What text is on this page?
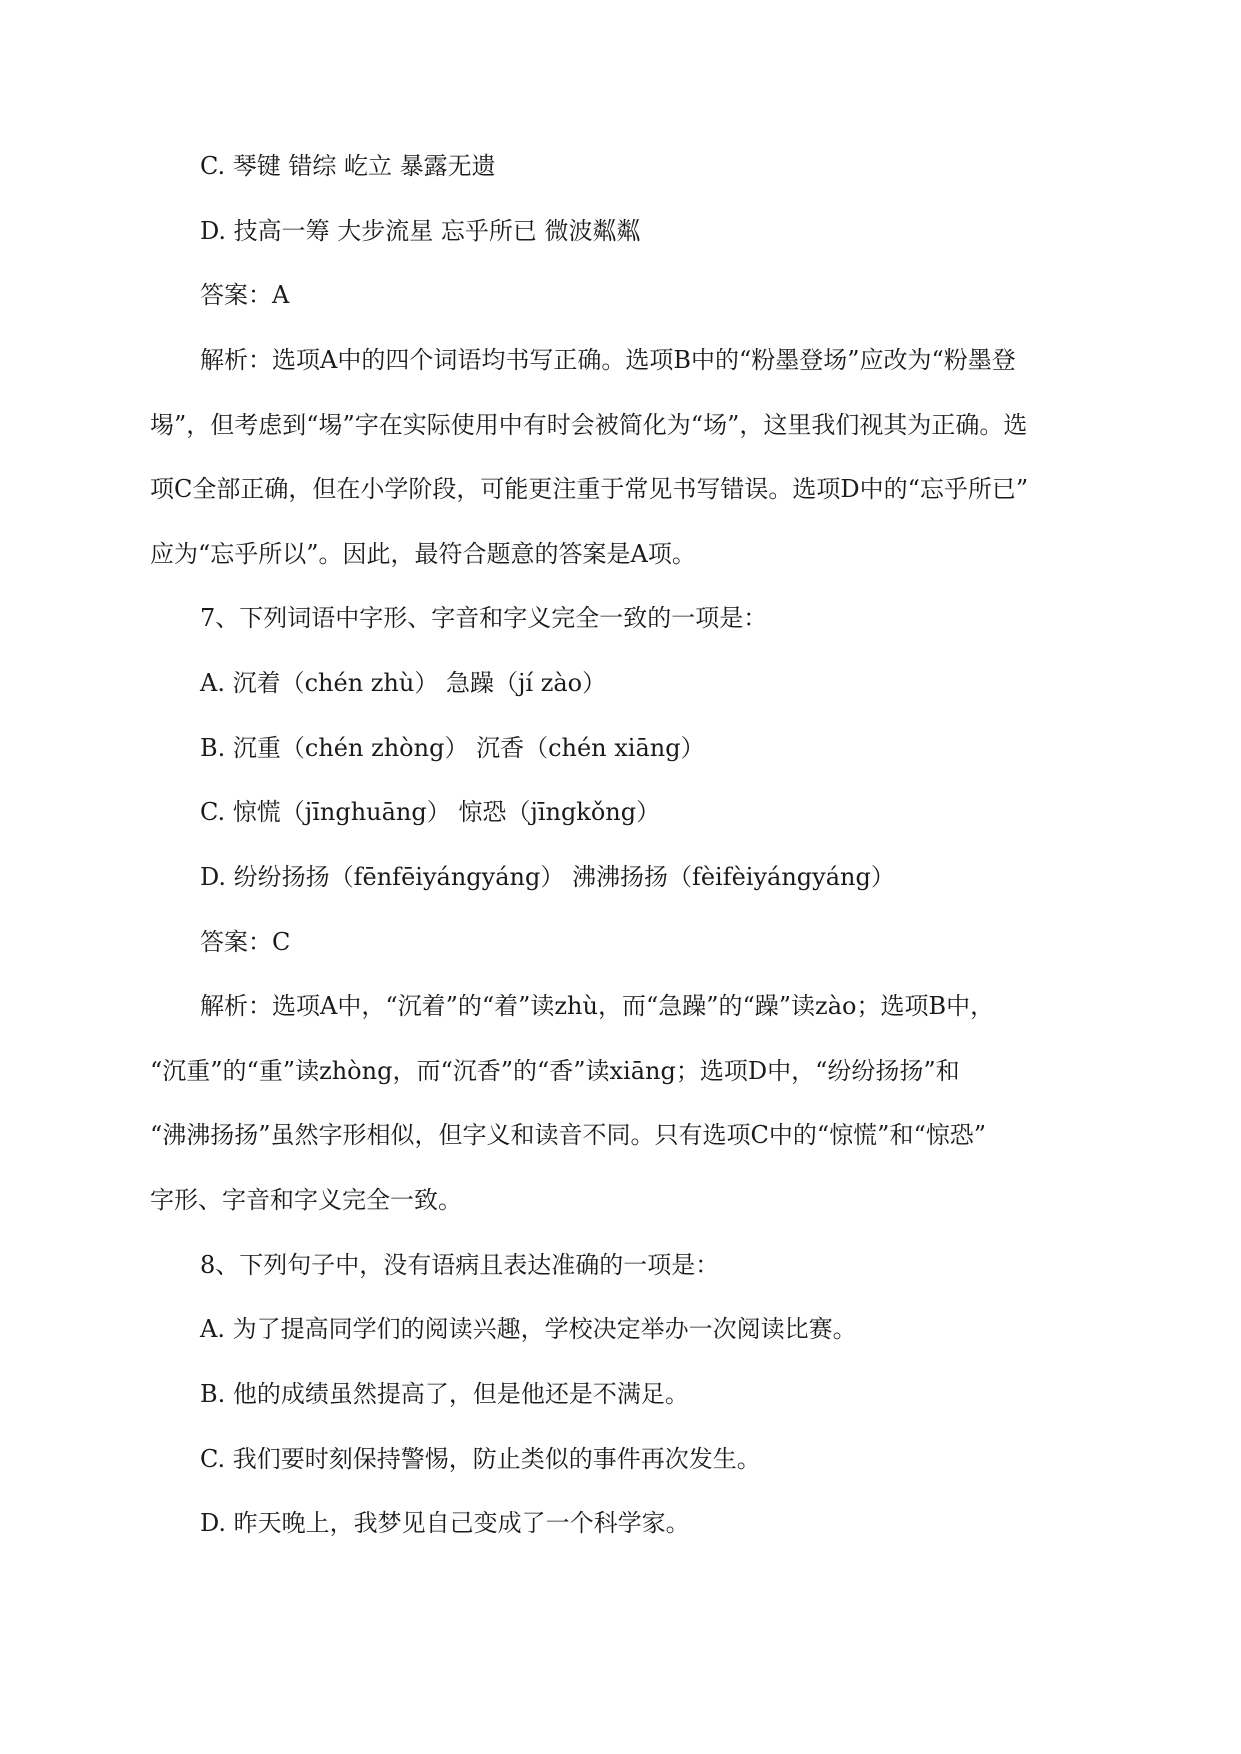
C. 琴键 错综 屹立 暴露无遗
D. 技高一筹 大步流星 忘乎所已 微波粼粼
答案：A
解析：选项A中的四个词语均书写正确。选项B中的“粉墨登场”应改为“粉墨登
埸”，但考虑到“埸”字在实际使用中有时会被简化为“场”，这里我们视其为正确。选
项C全部正确，但在小学阶段，可能更注重于常见书写错误。选项D中的“忘乎所已”
应为“忘乎所以”。因此，最符合题意的答案是A项。
7、下列词语中字形、字音和字义完全一致的一项是：
A. 沉着（chén zhù） 急躁（jí zào）
B. 沉重（chén zhòng） 沉香（chén xiāng）
C. 惊慌（jīnghuāng） 惊恐（jīngkǒng）
D. 纷纷扬扬（fēnfēiyángyáng） 沸沸扬扬（fèifèiyángyáng）
答案：C
解析：选项A中，“沉着”的“着”读zhù，而“急躁”的“躁”读zào；选项B中，
“沉重”的“重”读zhòng，而“沉香”的“香”读xiāng；选项D中，“纷纷扬扬”和
“沸沸扬扬”虽然字形相似，但字义和读音不同。只有选项C中的“惊慌”和“惊恐”
字形、字音和字义完全一致。
8、下列句子中，没有语病且表达准确的一项是：
A. 为了提高同学们的阅读兴趣，学校决定举办一次阅读比赛。
B. 他的成绩虽然提高了，但是他还是不满足。
C. 我们要时刻保持警惕，防止类似的事件再次发生。
D. 昨天晚上，我梦见自己变成了一个科学家。
